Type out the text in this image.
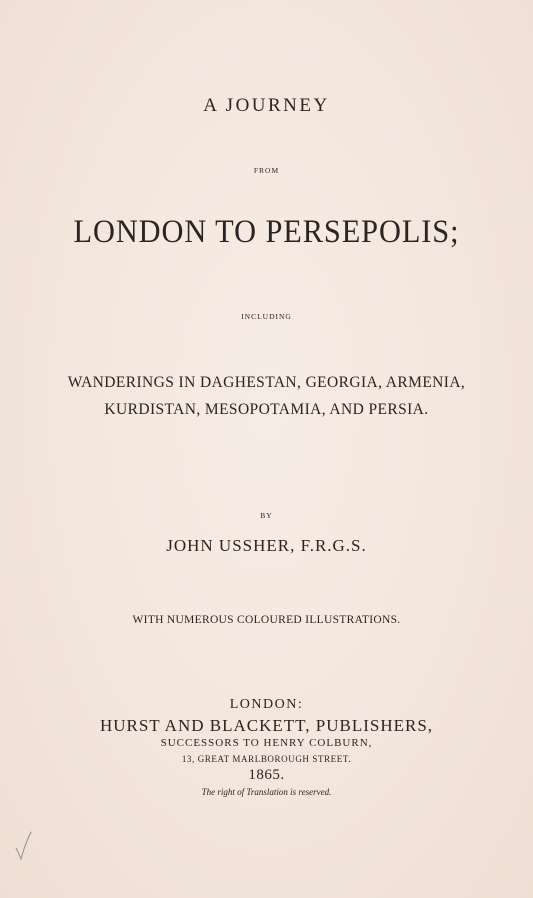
A JOURNEY
FROM
LONDON TO PERSEPOLIS;
INCLUDING
WANDERINGS IN DAGHESTAN, GEORGIA, ARMENIA,
KURDISTAN, MESOPOTAMIA, AND PERSIA.
BY
JOHN USSHER, F.R.G.S.
WITH NUMEROUS COLOURED ILLUSTRATIONS.
LONDON:
HURST AND BLACKETT, PUBLISHERS,
SUCCESSORS TO HENRY COLBURN,
13, GREAT MARLBOROUGH STREET.
1865.
The right of Translation is reserved.
